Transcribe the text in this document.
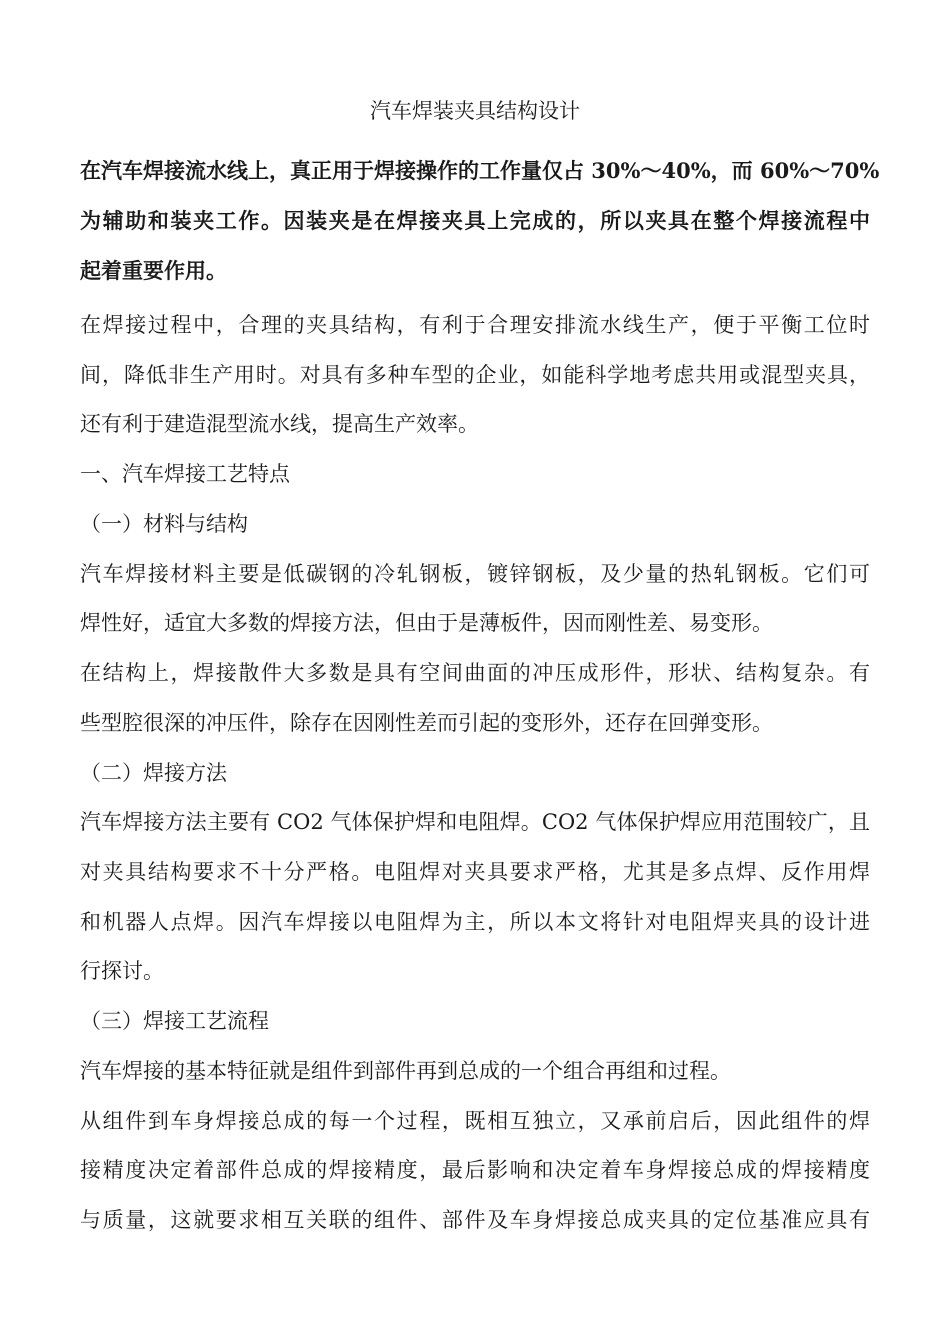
汽车焊装夹具结构设计
在汽车焊接流水线上，真正用于焊接操作的工作量仅占 30%～40%，而 60%～70%
为辅助和装夹工作。因装夹是在焊接夹具上完成的，所以夹具在整个焊接流程中
起着重要作用。
在焊接过程中，合理的夹具结构，有利于合理安排流水线生产，便于平衡工位时
间，降低非生产用时。对具有多种车型的企业，如能科学地考虑共用或混型夹具，
还有利于建造混型流水线，提高生产效率。
一、汽车焊接工艺特点
（一）材料与结构
汽车焊接材料主要是低碳钢的冷轧钢板，镀锌钢板，及少量的热轧钢板。它们可
焊性好，适宜大多数的焊接方法，但由于是薄板件，因而刚性差、易变形。
在结构上，焊接散件大多数是具有空间曲面的冲压成形件，形状、结构复杂。有
些型腔很深的冲压件，除存在因刚性差而引起的变形外，还存在回弹变形。
（二）焊接方法
汽车焊接方法主要有 CO2 气体保护焊和电阻焊。CO2 气体保护焊应用范围较广，且
对夹具结构要求不十分严格。电阻焊对夹具要求严格，尤其是多点焊、反作用焊
和机器人点焊。因汽车焊接以电阻焊为主，所以本文将针对电阻焊夹具的设计进
行探讨。
（三）焊接工艺流程
汽车焊接的基本特征就是组件到部件再到总成的一个组合再组和过程。
从组件到车身焊接总成的每一个过程，既相互独立，又承前启后，因此组件的焊
接精度决定着部件总成的焊接精度，最后影响和决定着车身焊接总成的焊接精度
与质量，这就要求相互关联的组件、部件及车身焊接总成夹具的定位基准应具有
